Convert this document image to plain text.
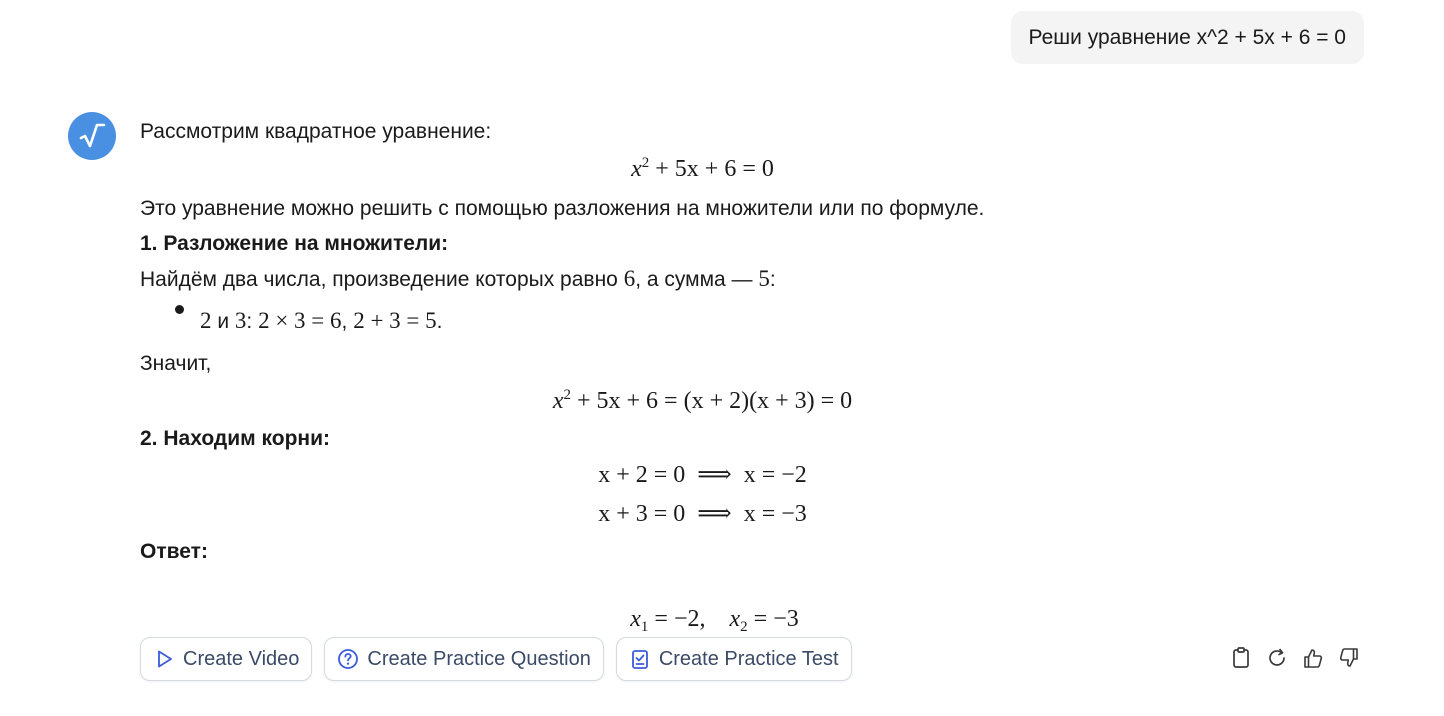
Реши уравнение x^2 + 5x + 6 = 0
Рассмотрим квадратное уравнение:
$x^2 + 5x + 6 = 0$
Это уравнение можно решить с помощью разложения на множители или по формуле.
1. Разложение на множители:
Найдём два числа, произведение которых равно 6, а сумма — 5:
2 и 3: 2 × 3 = 6, 2 + 3 = 5.
Значит,
$x^2 + 5x + 6 = (x + 2)(x + 3) = 0$
2. Находим корни:
x + 2 = 0  ⟹  x = −2
x + 3 = 0  ⟹  x = −3
Ответ:

$x_1 = -2$, $x_2 = -3$

Create Video	Create Practice Question	Create Practice Test
